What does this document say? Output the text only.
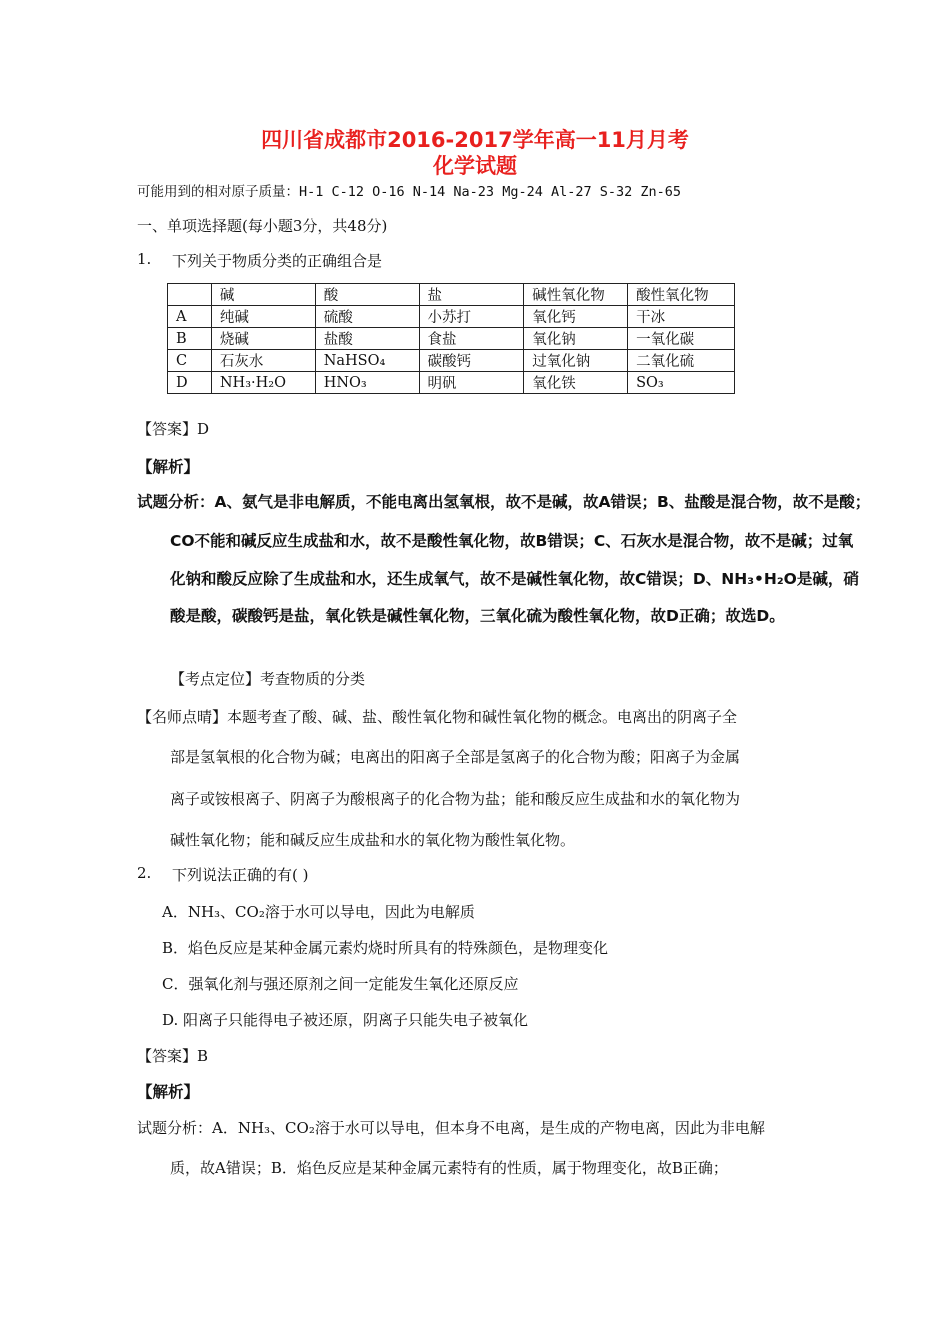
四川省成都市2016-2017学年高一11月月考
化学试题
可能用到的相对原子质量：H-1 C-12 O-16 N-14 Na-23 Mg-24 Al-27 S-32 Zn-65
一、单项选择题(每小题3分，共48分)
1. 下列关于物质分类的正确组合是
	碱	酸	盐	碱性氧化物	酸性氧化物
A	纯碱	硫酸	小苏打	氧化钙	干冰
B	烧碱	盐酸	食盐	氧化钠	一氧化碳
C	石灰水	NaHSO₄	碳酸钙	过氧化钠	二氧化硫
D	NH₃·H₂O	HNO₃	明矾	氧化铁	SO₃
【答案】D
【解析】
试题分析：A、氨气是非电解质，不能电离出氢氧根，故不是碱，故A错误；B、盐酸是混合物，故不是酸；
CO不能和碱反应生成盐和水，故不是酸性氧化物，故B错误；C、石灰水是混合物，故不是碱；过氧
化钠和酸反应除了生成盐和水，还生成氧气，故不是碱性氧化物，故C错误；D、NH₃•H₂O是碱，硝
酸是酸，碳酸钙是盐，氧化铁是碱性氧化物，三氧化硫为酸性氧化物，故D正确；故选D。
【考点定位】考查物质的分类
【名师点晴】本题考查了酸、碱、盐、酸性氧化物和碱性氧化物的概念。电离出的阴离子全
部是氢氧根的化合物为碱；电离出的阳离子全部是氢离子的化合物为酸；阳离子为金属
离子或铵根离子、阴离子为酸根离子的化合物为盐；能和酸反应生成盐和水的氧化物为
碱性氧化物；能和碱反应生成盐和水的氧化物为酸性氧化物。
2. 下列说法正确的有( )
A．NH₃、CO₂溶于水可以导电，因此为电解质
B．焰色反应是某种金属元素灼烧时所具有的特殊颜色，是物理变化
C．强氧化剂与强还原剂之间一定能发生氧化还原反应
D. 阳离子只能得电子被还原，阴离子只能失电子被氧化
【答案】B
【解析】
试题分析：A．NH₃、CO₂溶于水可以导电，但本身不电离，是生成的产物电离，因此为非电解
质，故A错误；B．焰色反应是某种金属元素特有的性质，属于物理变化，故B正确；
